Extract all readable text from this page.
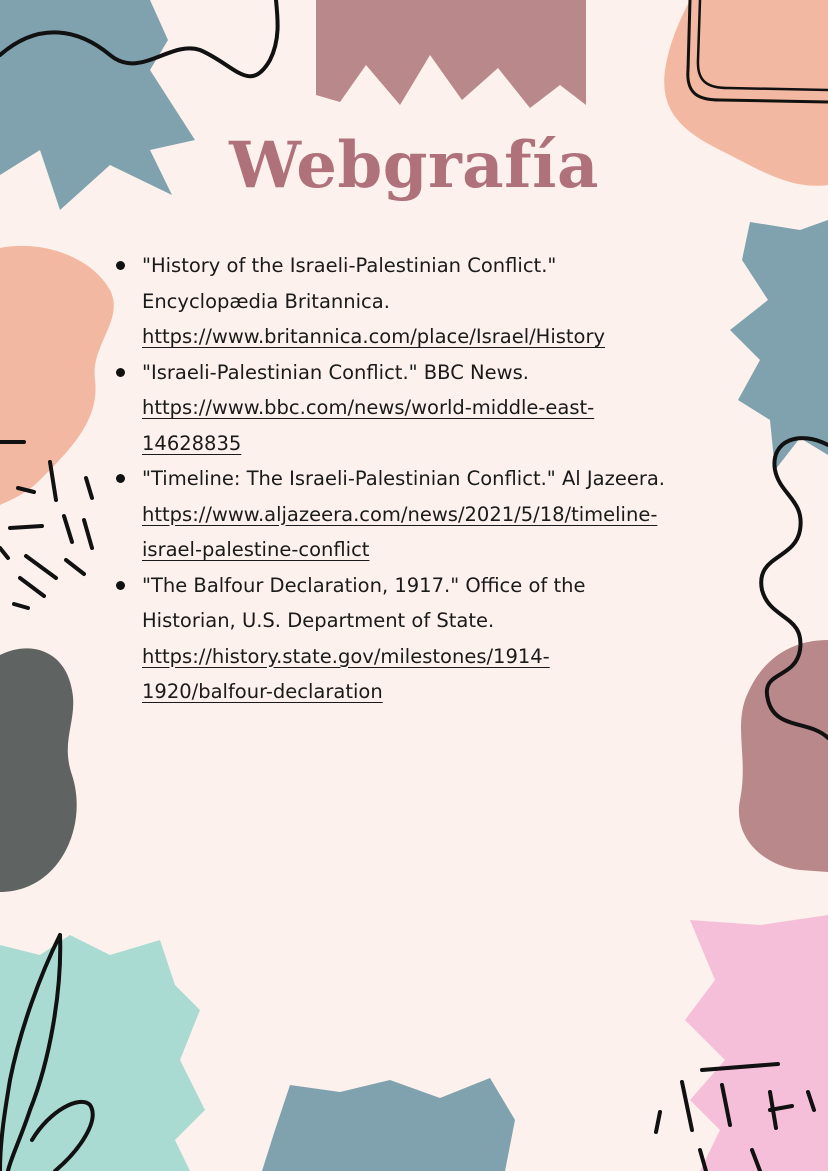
Webgrafía
"History of the Israeli-Palestinian Conflict."
Encyclopædia Britannica.
https://www.britannica.com/place/Israel/History
"Israeli-Palestinian Conflict." BBC News.
https://www.bbc.com/news/world-middle-east-
14628835
"Timeline: The Israeli-Palestinian Conflict." Al Jazeera.
https://www.aljazeera.com/news/2021/5/18/timeline-
israel-palestine-conflict
"The Balfour Declaration, 1917." Office of the
Historian, U.S. Department of State.
https://history.state.gov/milestones/1914-
1920/balfour-declaration
